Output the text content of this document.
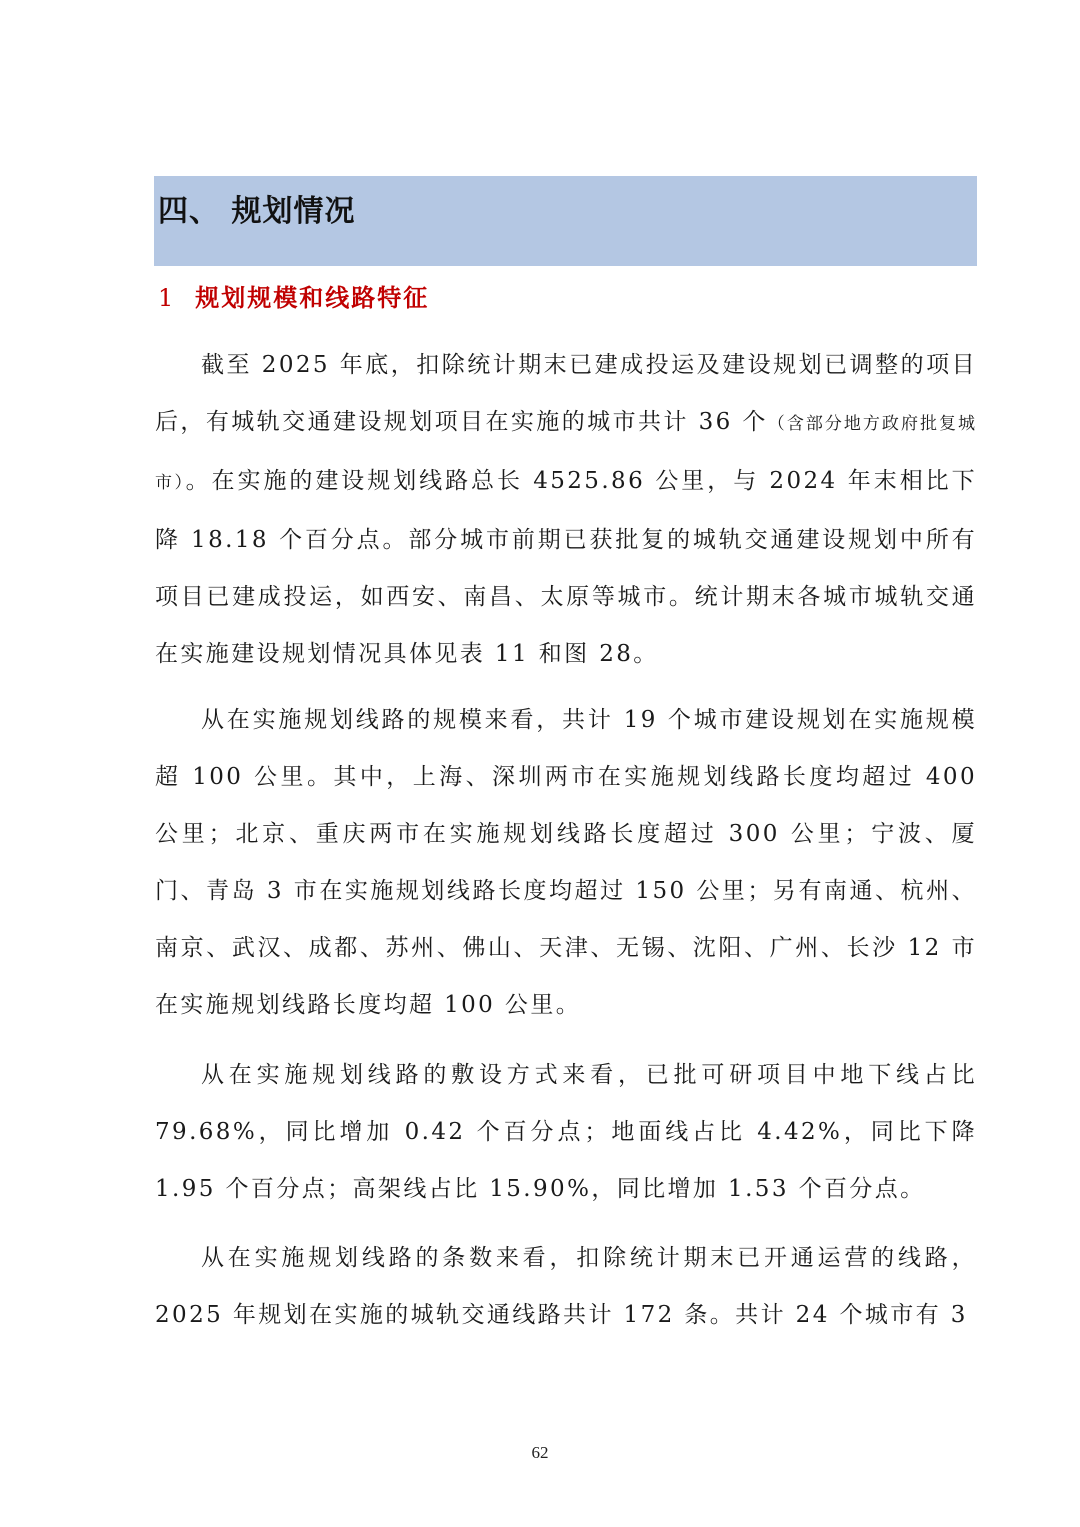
四、 规划情况
1 规划规模和线路特征

截至 2025 年底，扣除统计期末已建成投运及建设规划已调整的项目后，有城轨交通建设规划项目在实施的城市共计 36 个（含部分地方政府批复城市）。在实施的建设规划线路总长 4525.86 公里，与 2024 年末相比下降 18.18 个百分点。部分城市前期已获批复的城轨交通建设规划中所有项目已建成投运，如西安、南昌、太原等城市。统计期末各城市城轨交通在实施建设规划情况具体见表 11 和图 28。

从在实施规划线路的规模来看，共计 19 个城市建设规划在实施规模超 100 公里。其中，上海、深圳两市在实施规划线路长度均超过 400 公里；北京、重庆两市在实施规划线路长度超过 300 公里；宁波、厦门、青岛 3 市在实施规划线路长度均超过 150 公里；另有南通、杭州、南京、武汉、成都、苏州、佛山、天津、无锡、沈阳、广州、长沙 12 市在实施规划线路长度均超 100 公里。

从在实施规划线路的敷设方式来看，已批可研项目中地下线占比 79.68%，同比增加 0.42 个百分点；地面线占比 4.42%，同比下降 1.95 个百分点；高架线占比 15.90%，同比增加 1.53 个百分点。

从在实施规划线路的条数来看，扣除统计期末已开通运营的线路，2025 年规划在实施的城轨交通线路共计 172 条。共计 24 个城市有 3

62
